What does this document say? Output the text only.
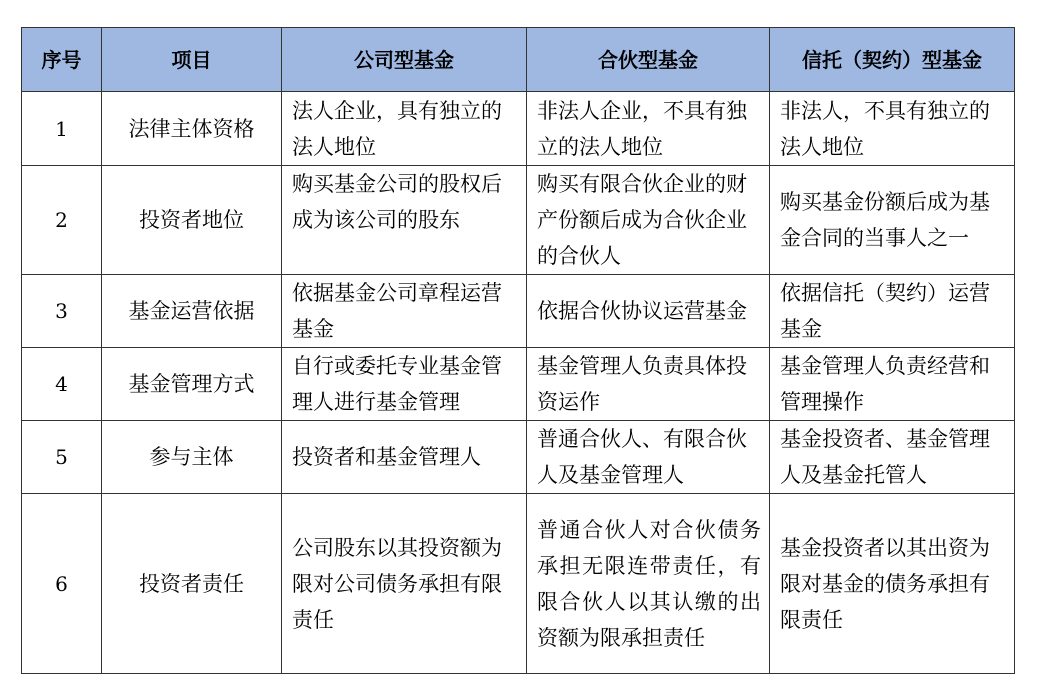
序号	项目	公司型基金	合伙型基金	信托（契约）型基金
1	法律主体资格	法人企业，具有独立的法人地位	非法人企业，不具有独立的法人地位	非法人，不具有独立的法人地位
2	投资者地位	购买基金公司的股权后成为该公司的股东	购买有限合伙企业的财产份额后成为合伙企业的合伙人	购买基金份额后成为基金合同的当事人之一
3	基金运营依据	依据基金公司章程运营基金	依据合伙协议运营基金	依据信托（契约）运营基金
4	基金管理方式	自行或委托专业基金管理人进行基金管理	基金管理人负责具体投资运作	基金管理人负责经营和管理操作
5	参与主体	投资者和基金管理人	普通合伙人、有限合伙人及基金管理人	基金投资者、基金管理人及基金托管人
6	投资者责任	公司股东以其投资额为限对公司债务承担有限责任	普通合伙人对合伙债务承担无限连带责任，有限合伙人以其认缴的出资额为限承担责任	基金投资者以其出资为限对基金的债务承担有限责任
